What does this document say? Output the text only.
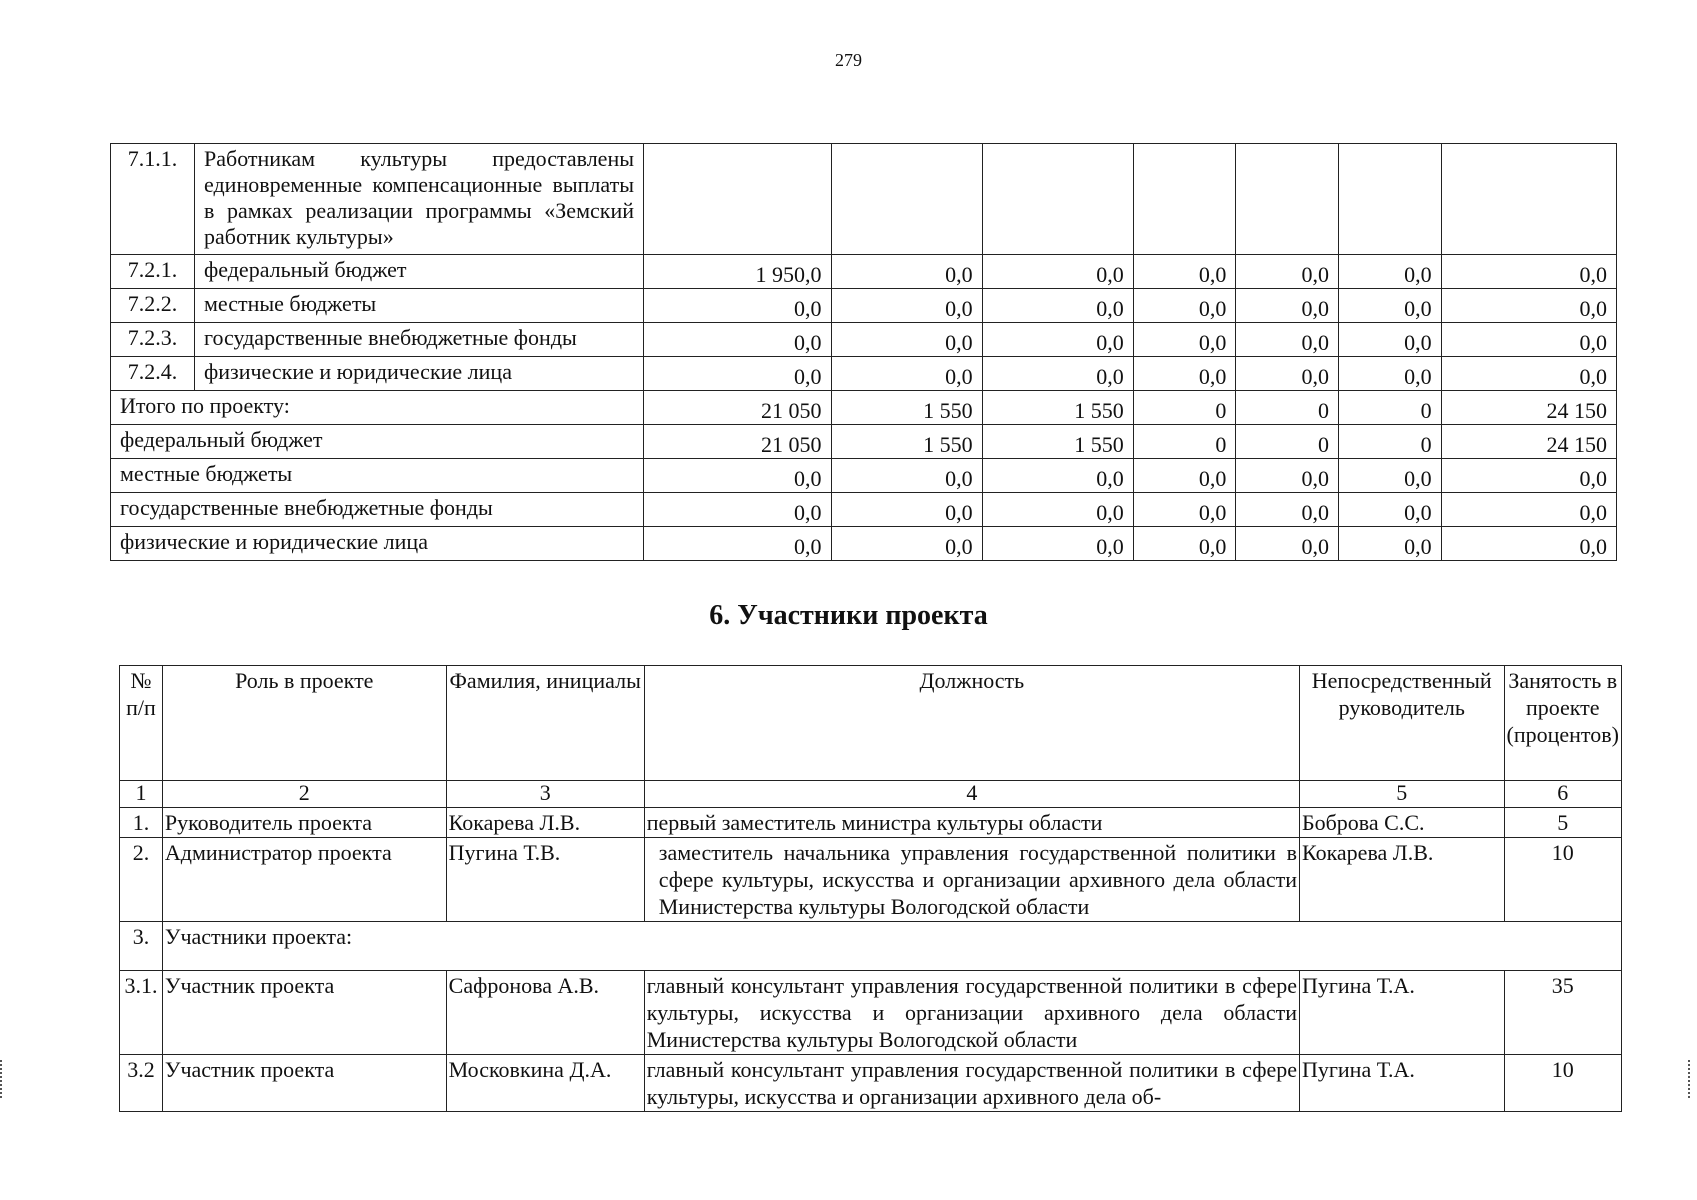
279
7.1.1.	Работникам культуры предоставлены единовременные компенсационные выплаты в рамках реализации программы «Земский работник культуры»							
7.2.1.	федеральный бюджет	1 950,0	0,0	0,0	0,0	0,0	0,0	0,0
7.2.2.	местные бюджеты	0,0	0,0	0,0	0,0	0,0	0,0	0,0
7.2.3.	государственные внебюджетные фонды	0,0	0,0	0,0	0,0	0,0	0,0	0,0
7.2.4.	физические и юридические лица	0,0	0,0	0,0	0,0	0,0	0,0	0,0
Итого по проекту:		21 050	1 550	1 550	0	0	0	24 150
федеральный бюджет		21 050	1 550	1 550	0	0	0	24 150
местные бюджеты		0,0	0,0	0,0	0,0	0,0	0,0	0,0
государственные внебюджетные фонды		0,0	0,0	0,0	0,0	0,0	0,0	0,0
физические и юридические лица		0,0	0,0	0,0	0,0	0,0	0,0	0,0
6. Участники проекта
№ п/п	Роль в проекте	Фамилия, инициалы	Должность	Непосредственный руководитель	Занятость в проекте (процентов)
1	2	3	4	5	6
1.	Руководитель проекта	Кокарева Л.В.	первый заместитель министра культуры области	Боброва С.С.	5
2.	Администратор проекта	Пугина Т.В.	заместитель начальника управления государственной политики в сфере культуры, искусства и организации архивного дела области Министерства культуры Вологодской области	Кокарева Л.В.	10
3.	Участники проекта:				
3.1.	Участник проекта	Сафронова А.В.	главный консультант управления государственной политики в сфере культуры, искусства и организации архивного дела области Министерства культуры Вологодской области	Пугина Т.А.	35
3.2	Участник проекта	Московкина Д.А.	главный консультант управления государственной политики в сфере культуры, искусства и организации архивного дела об-	Пугина Т.А.	10
